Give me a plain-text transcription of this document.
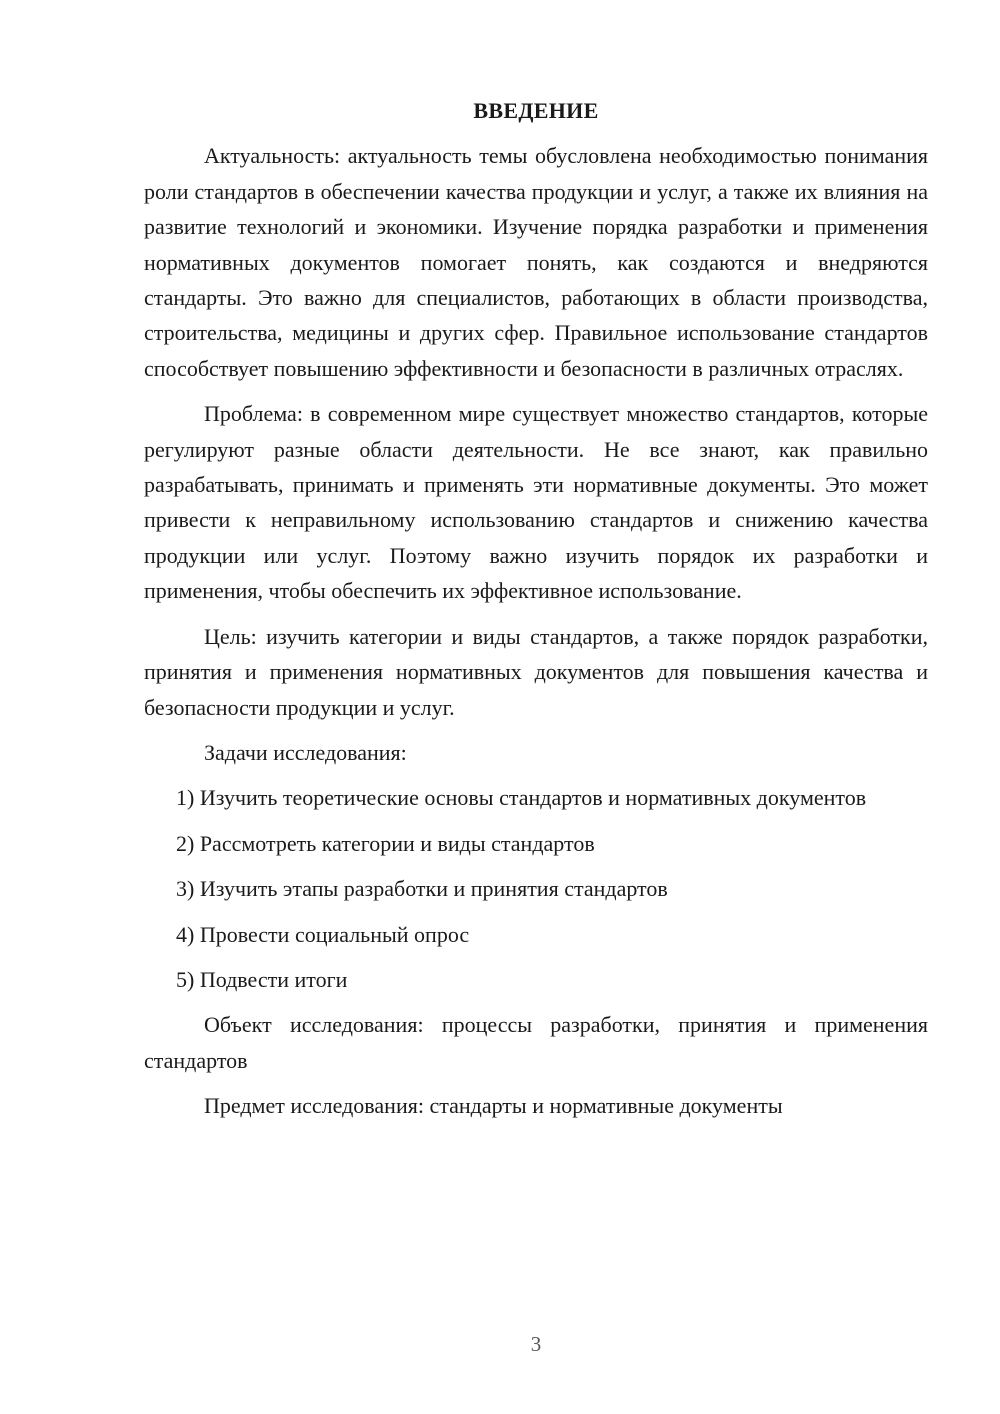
ВВЕДЕНИЕ

Актуальность: актуальность темы обусловлена необходимостью понимания роли стандартов в обеспечении качества продукции и услуг, а также их влияния на развитие технологий и экономики. Изучение порядка разработки и применения нормативных документов помогает понять, как создаются и внедряются стандарты. Это важно для специалистов, работающих в области производства, строительства, медицины и других сфер. Правильное использование стандартов способствует повышению эффективности и безопасности в различных отраслях.

Проблема: в современном мире существует множество стандартов, которые регулируют разные области деятельности. Не все знают, как правильно разрабатывать, принимать и применять эти нормативные документы. Это может привести к неправильному использованию стандартов и снижению качества продукции или услуг. Поэтому важно изучить порядок их разработки и применения, чтобы обеспечить их эффективное использование.

Цель: изучить категории и виды стандартов, а также порядок разработки, принятия и применения нормативных документов для повышения качества и безопасности продукции и услуг.

Задачи исследования:

1) Изучить теоретические основы стандартов и нормативных документов

2) Рассмотреть категории и виды стандартов

3) Изучить этапы разработки и принятия стандартов

4) Провести социальный опрос

5) Подвести итоги

Объект исследования: процессы разработки, принятия и применения стандартов

Предмет исследования: стандарты и нормативные документы

3
